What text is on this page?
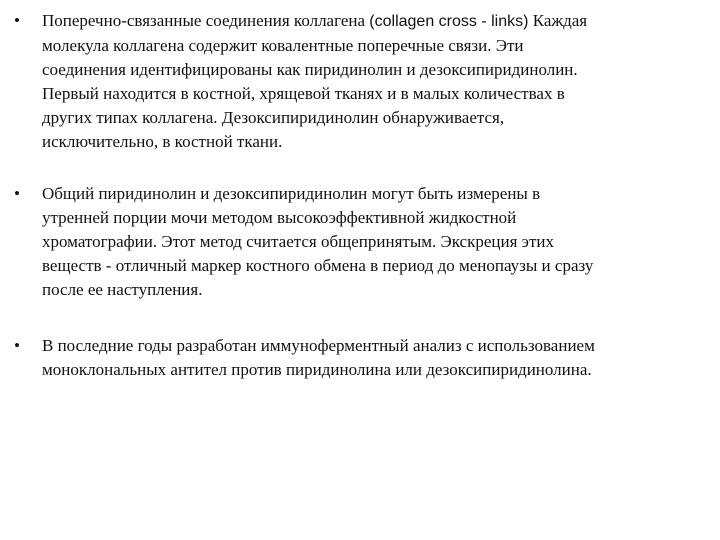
•	Поперечно-связанные соединения коллагена (collagen cross - links) Каждая
молекула коллагена содержит ковалентные поперечные связи. Эти
соединения идентифицированы как пиридинолин и дезоксипиридинолин.
Первый находится в костной, хрящевой тканях и в малых количествах в
других типах коллагена. Дезоксипиридинолин обнаруживается,
исключительно, в костной ткани.
•	Общий пиридинолин и дезоксипиридинолин могут быть измерены в
утренней порции мочи методом высокоэффективной жидкостной
хроматографии. Этот метод считается общепринятым. Экскреция этих
веществ - отличный маркер костного обмена в период до менопаузы и сразу
после ее наступления.
•	В последние годы разработан иммуноферментный анализ с использованием
моноклональных антител против пиридинолина или дезоксипиридинолина.
